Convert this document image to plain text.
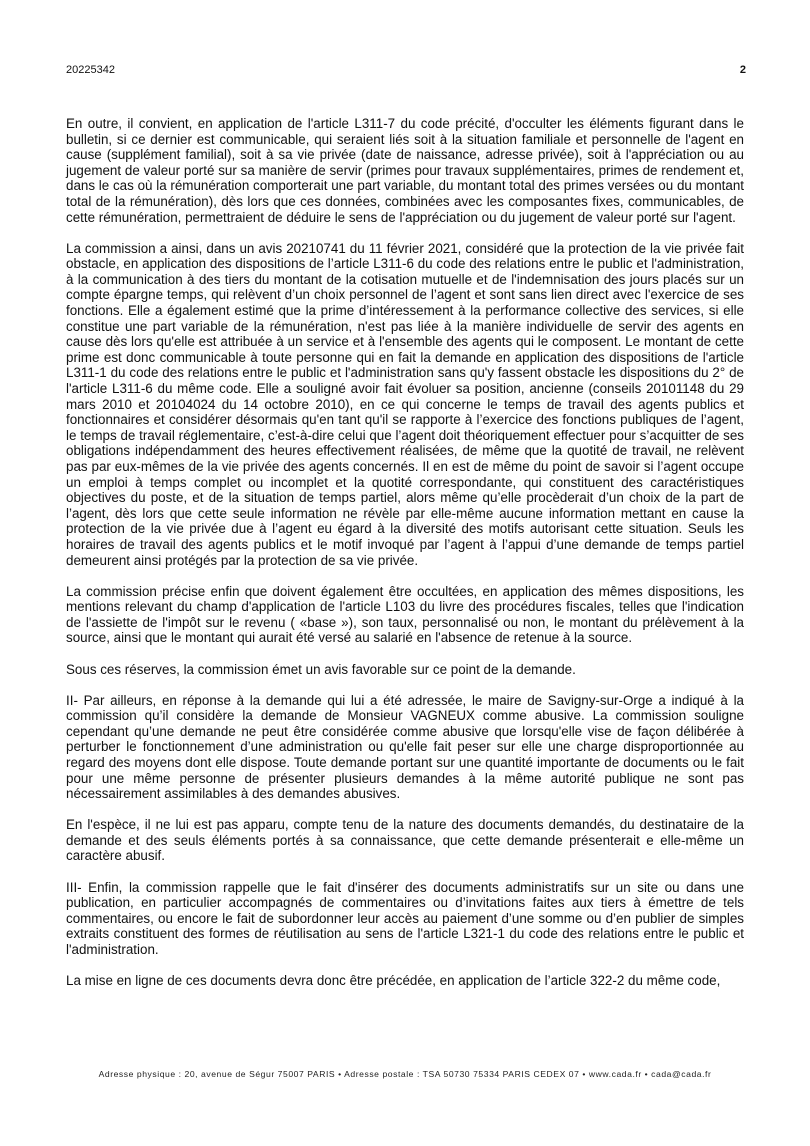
20225342	2

En outre, il convient, en application de l'article L311-7 du code précité, d'occulter les éléments figurant dans le bulletin, si ce dernier est communicable, qui seraient liés soit à la situation familiale et personnelle de l'agent en cause (supplément familial), soit à sa vie privée (date de naissance, adresse privée), soit à l'appréciation ou au jugement de valeur porté sur sa manière de servir (primes pour travaux supplémentaires, primes de rendement et, dans le cas où la rémunération comporterait une part variable, du montant total des primes versées ou du montant total de la rémunération), dès lors que ces données, combinées avec les composantes fixes, communicables, de cette rémunération, permettraient de déduire le sens de l'appréciation ou du jugement de valeur porté sur l'agent.

La commission a ainsi, dans un avis 20210741 du 11 février 2021, considéré que la protection de la vie privée fait obstacle, en application des dispositions de l’article L311-6 du code des relations entre le public et l'administration, à la communication à des tiers du montant de la cotisation mutuelle et de l'indemnisation des jours placés sur un compte épargne temps, qui relèvent d’un choix personnel de l’agent et sont sans lien direct avec l'exercice de ses fonctions. Elle a également estimé que la prime d’intéressement à la performance collective des services, si elle constitue une part variable de la rémunération, n'est pas liée à la manière individuelle de servir des agents en cause dès lors qu'elle est attribuée à un service et à l'ensemble des agents qui le composent. Le montant de cette prime est donc communicable à toute personne qui en fait la demande en application des dispositions de l'article L311-1 du code des relations entre le public et l'administration sans qu'y fassent obstacle les dispositions du 2° de l'article L311-6 du même code. Elle a souligné avoir fait évoluer sa position, ancienne (conseils 20101148 du 29 mars 2010 et 20104024 du 14 octobre 2010), en ce qui concerne le temps de travail des agents publics et fonctionnaires et considérer désormais qu'en tant qu'il se rapporte à l’exercice des fonctions publiques de l’agent, le temps de travail réglementaire, c’est-à-dire celui que l’agent doit théoriquement effectuer pour s’acquitter de ses obligations indépendamment des heures effectivement réalisées, de même que la quotité de travail, ne relèvent pas par eux-mêmes de la vie privée des agents concernés. Il en est de même du point de savoir si l’agent occupe un emploi à temps complet ou incomplet et la quotité correspondante, qui constituent des caractéristiques objectives du poste, et de la situation de temps partiel, alors même qu’elle procèderait d’un choix de la part de l’agent, dès lors que cette seule information ne révèle par elle-même aucune information mettant en cause la protection de la vie privée due à l’agent eu égard à la diversité des motifs autorisant cette situation. Seuls les horaires de travail des agents publics et le motif invoqué par l’agent à l’appui d’une demande de temps partiel demeurent ainsi protégés par la protection de sa vie privée.

La commission précise enfin que doivent également être occultées, en application des mêmes dispositions, les mentions relevant du champ d'application de l'article L103 du livre des procédures fiscales, telles que l'indication de l'assiette de l'impôt sur le revenu ( «base »), son taux, personnalisé ou non, le montant du prélèvement à la source, ainsi que le montant qui aurait été versé au salarié en l'absence de retenue à la source.

Sous ces réserves, la commission émet un avis favorable sur ce point de la demande.

II- Par ailleurs, en réponse à la demande qui lui a été adressée, le maire de Savigny-sur-Orge a indiqué à la commission qu’il considère la demande de Monsieur VAGNEUX comme abusive. La commission souligne cependant qu’une demande ne peut être considérée comme abusive que lorsqu'elle vise de façon délibérée à perturber le fonctionnement d’une administration ou qu'elle fait peser sur elle une charge disproportionnée au regard des moyens dont elle dispose. Toute demande portant sur une quantité importante de documents ou le fait pour une même personne de présenter plusieurs demandes à la même autorité publique ne sont pas nécessairement assimilables à des demandes abusives.

En l'espèce, il ne lui est pas apparu, compte tenu de la nature des documents demandés, du destinataire de la demande et des seuls éléments portés à sa connaissance, que cette demande présenterait e elle-même un caractère abusif.

III- Enfin, la commission rappelle que le fait d'insérer des documents administratifs sur un site ou dans une publication, en particulier accompagnés de commentaires ou d’invitations faites aux tiers à émettre de tels commentaires, ou encore le fait de subordonner leur accès au paiement d’une somme ou d’en publier de simples extraits constituent des formes de réutilisation au sens de l'article L321-1 du code des relations entre le public et l'administration.

La mise en ligne de ces documents devra donc être précédée, en application de l’article 322-2 du même code,

Adresse physique : 20, avenue de Ségur 75007 PARIS • Adresse postale : TSA 50730 75334 PARIS CEDEX 07 • www.cada.fr • cada@cada.fr
